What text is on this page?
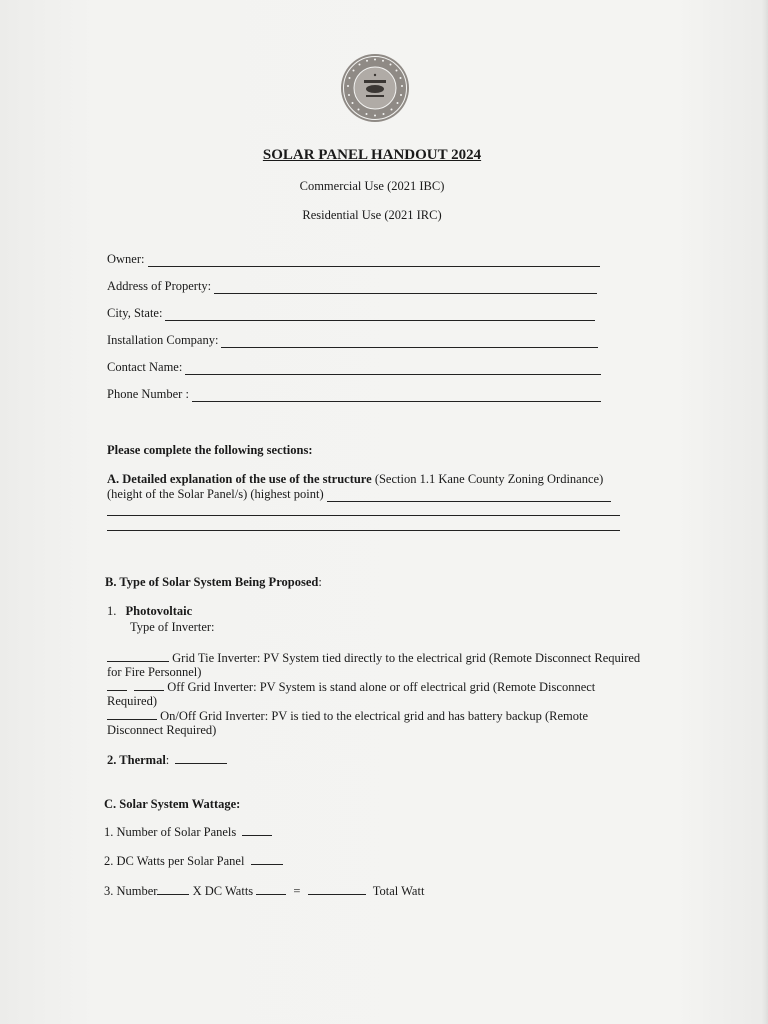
SOLAR PANEL HANDOUT 2024
Commercial Use (2021 IBC)
Residential Use (2021 IRC)
Owner:
Address of Property:
City, State:
Installation Company:
Contact Name:
Phone Number :
Please complete the following sections:
A. Detailed explanation of the use of the structure (Section 1.1 Kane County Zoning Ordinance)
(height of the Solar Panel/s) (highest point)
B. Type of Solar System Being Proposed:
1. Photovoltaic
Type of Inverter:
Grid Tie Inverter: PV System tied directly to the electrical grid (Remote Disconnect Required
for Fire Personnel)
Off Grid Inverter: PV System is stand alone or off electrical grid (Remote Disconnect
Required)
On/Off Grid Inverter: PV is tied to the electrical grid and has battery backup (Remote
Disconnect Required)
2. Thermal:
C. Solar System Wattage:
1. Number of Solar Panels
2. DC Watts per Solar Panel
3. Number	X DC Watts	=	Total Watt
